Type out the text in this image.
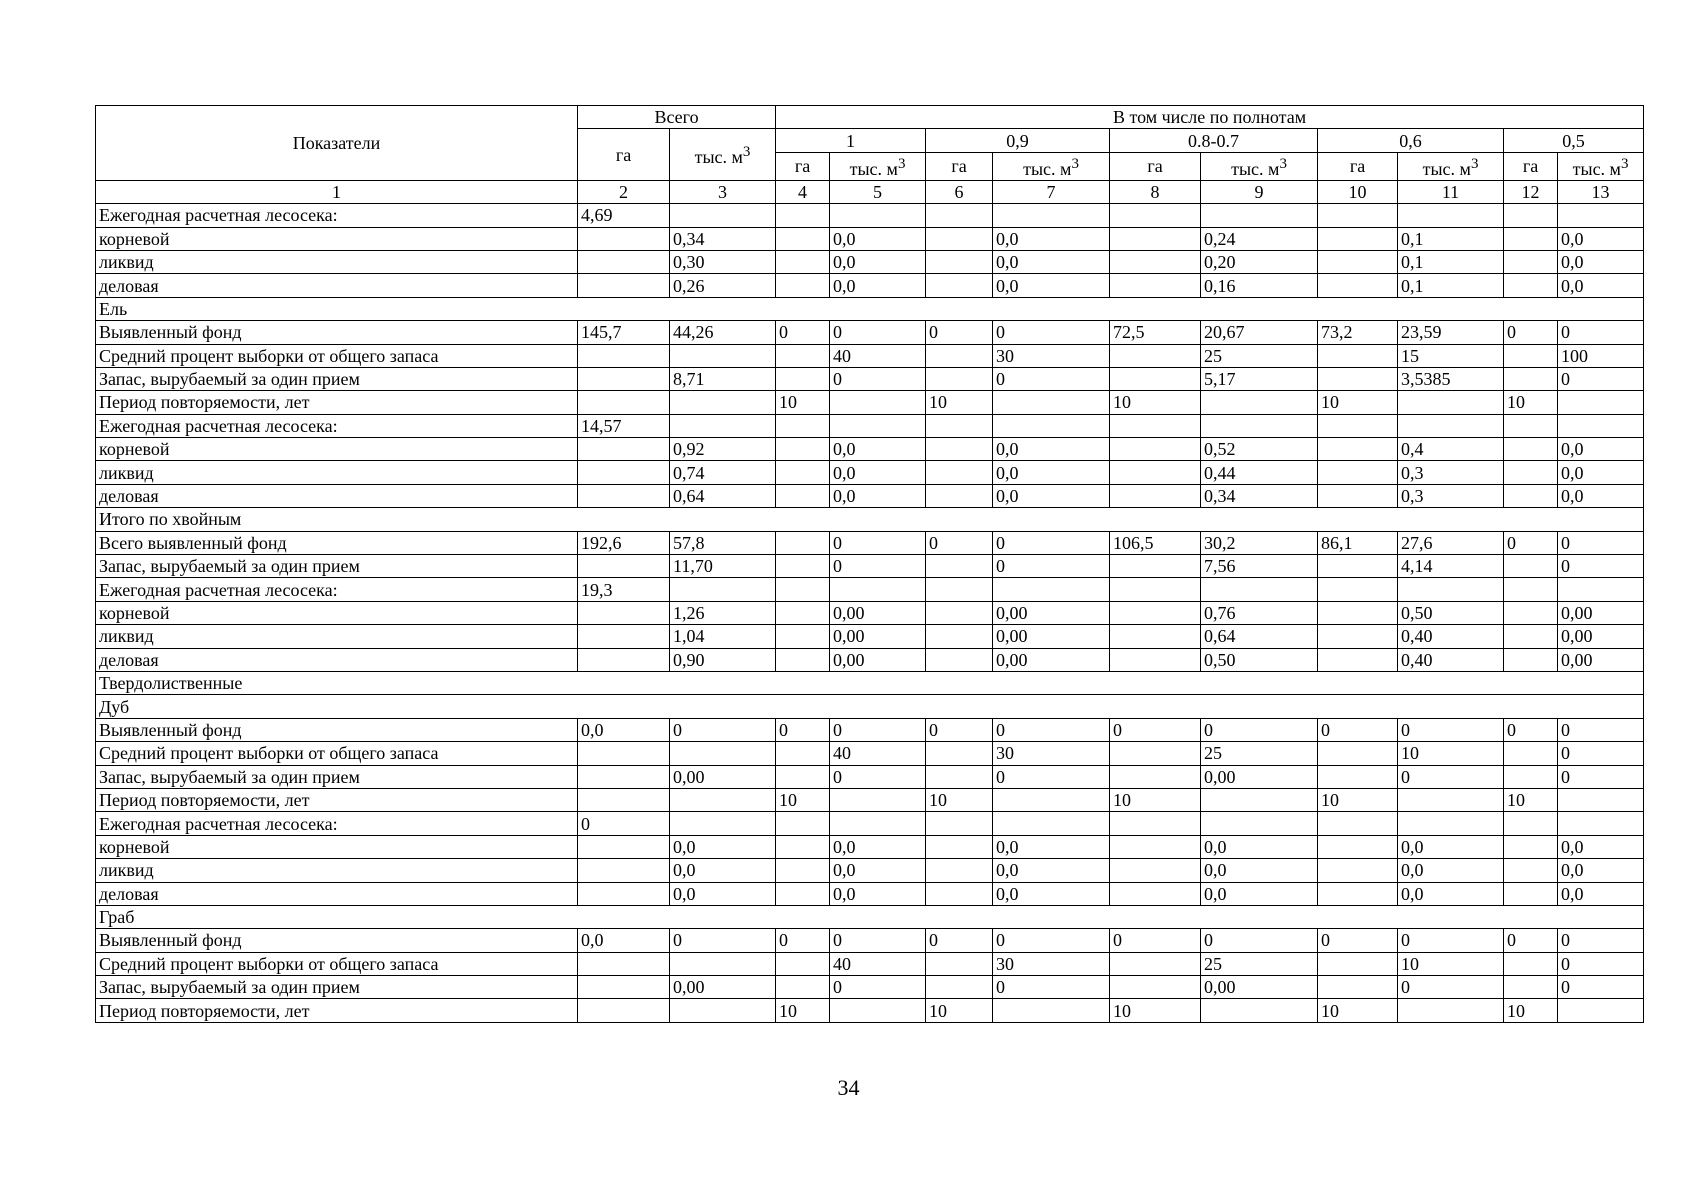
Показатели	Всего		В том числе по полнотам									
	га	тыс. $м^3$	1		0,9		0.8-0.7		0,6		0,5	
			га	тыс. $м^3$	га	тыс. $м^3$	га	тыс. $м^3$	га	тыс. $м^3$	га	тыс. $м^3$
1	2	3	4	5	6	7	8	9	10	11	12	13
Ежегодная расчетная лесосека:	4,69											
корневой		0,34		0,0		0,0		0,24		0,1		0,0
ликвид		0,30		0,0		0,0		0,20		0,1		0,0
деловая		0,26		0,0		0,0		0,16		0,1		0,0
Ель												
Выявленный фонд	145,7	44,26	0	0	0	0	72,5	20,67	73,2	23,59	0	0
Средний процент выборки от общего запаса				40		30		25		15		100
Запас, вырубаемый за один прием		8,71		0		0		5,17		3,5385		0
Период повторяемости, лет			10		10		10		10		10	
Ежегодная расчетная лесосека:	14,57											
корневой		0,92		0,0		0,0		0,52		0,4		0,0
ликвид		0,74		0,0		0,0		0,44		0,3		0,0
деловая		0,64		0,0		0,0		0,34		0,3		0,0
Итого по хвойным												
Всего выявленный фонд	192,6	57,8		0	0	0	106,5	30,2	86,1	27,6	0	0
Запас, вырубаемый за один прием		11,70		0		0		7,56		4,14		0
Ежегодная расчетная лесосека:	19,3											
корневой		1,26		0,00		0,00		0,76		0,50		0,00
ликвид		1,04		0,00		0,00		0,64		0,40		0,00
деловая		0,90		0,00		0,00		0,50		0,40		0,00
Твердолиственные												
Дуб												
Выявленный фонд	0,0	0	0	0	0	0	0	0	0	0	0	0
Средний процент выборки от общего запаса				40		30		25		10		0
Запас, вырубаемый за один прием		0,00		0		0		0,00		0		0
Период повторяемости, лет			10		10		10		10		10	
Ежегодная расчетная лесосека:	0											
корневой		0,0		0,0		0,0		0,0		0,0		0,0
ликвид		0,0		0,0		0,0		0,0		0,0		0,0
деловая		0,0		0,0		0,0		0,0		0,0		0,0
Граб												
Выявленный фонд	0,0	0	0	0	0	0	0	0	0	0	0	0
Средний процент выборки от общего запаса				40		30		25		10		0
Запас, вырубаемый за один прием		0,00		0		0		0,00		0		0
Период повторяемости, лет			10		10		10		10		10	
34
